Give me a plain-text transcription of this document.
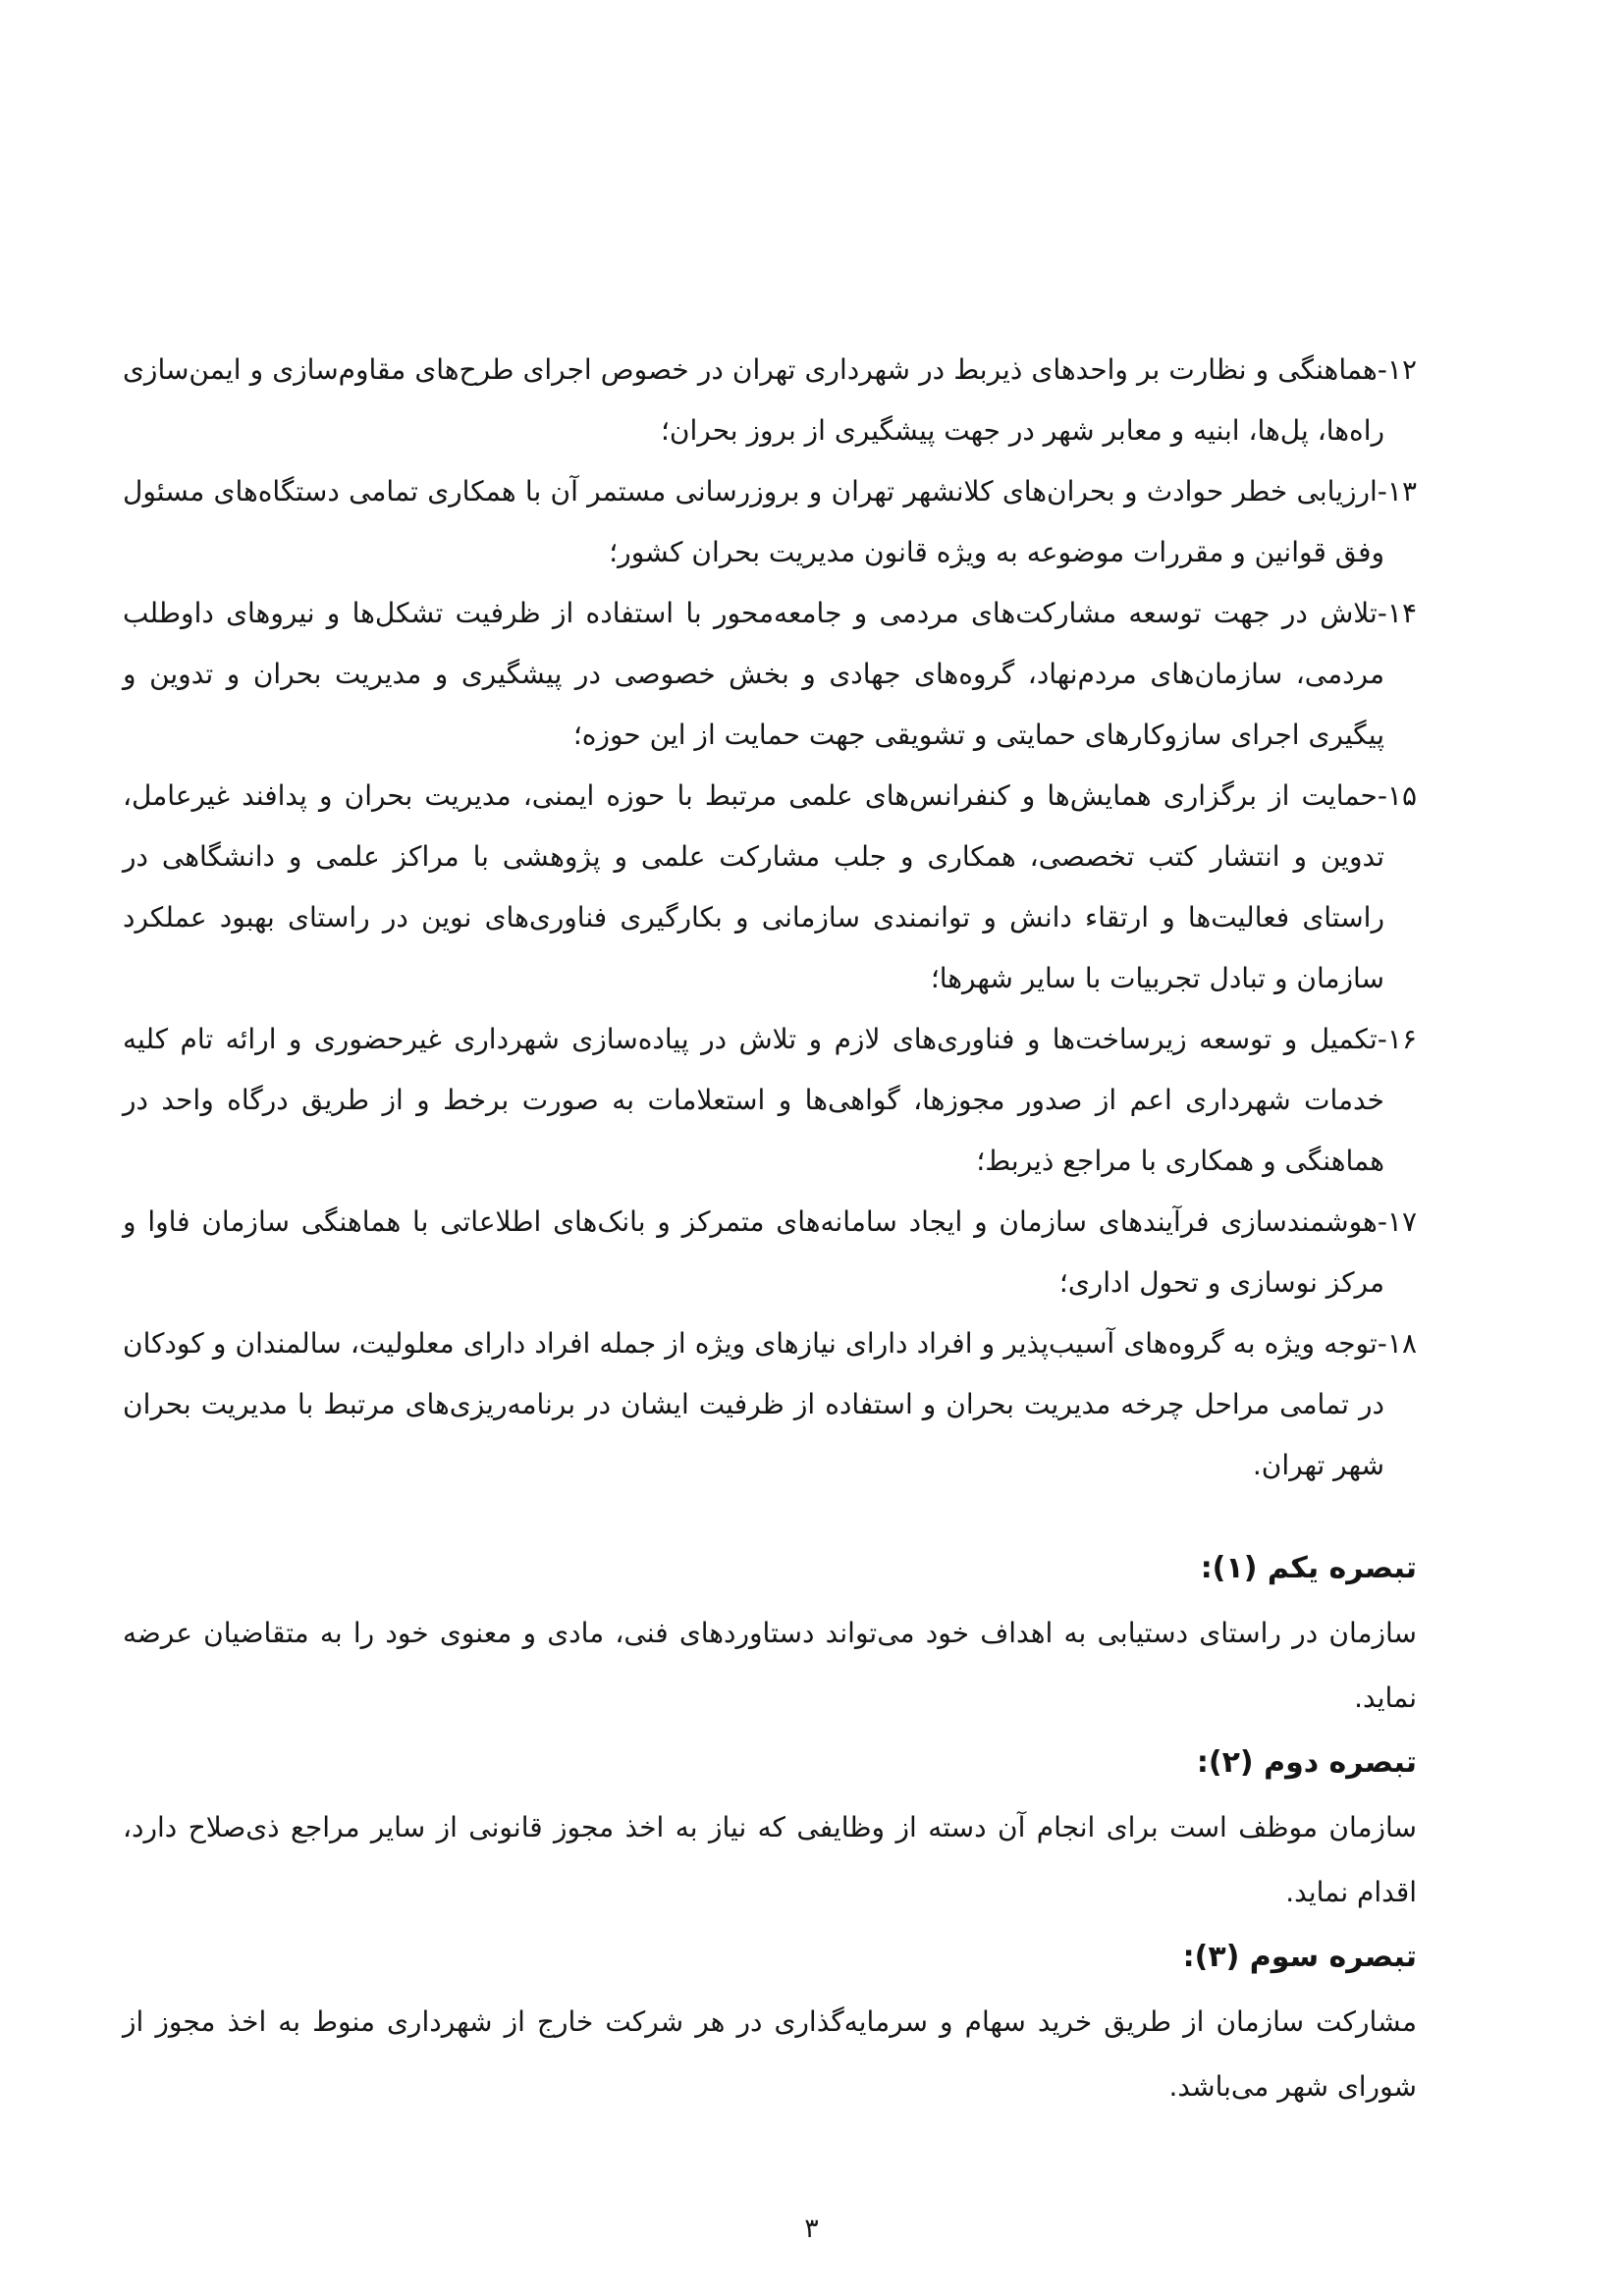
۱۲-هماهنگی و نظارت بر واحدهای ذیربط در شهرداری تهران در خصوص اجرای طرح‌های مقاوم‌سازی و ایمن‌سازی راه‌ها، پل‌ها، ابنیه و معابر شهر در جهت پیشگیری از بروز بحران؛

۱۳-ارزیابی خطر حوادث و بحران‌های کلانشهر تهران و بروزرسانی مستمر آن با همکاری تمامی دستگاه‌های مسئول وفق قوانین و مقررات موضوعه به ویژه قانون مدیریت بحران کشور؛

۱۴-تلاش در جهت توسعه مشارکت‌های مردمی و جامعه‌محور با استفاده از ظرفیت تشکل‌ها و نیروهای داوطلب مردمی، سازمان‌های مردم‌نهاد، گروه‌های جهادی و بخش خصوصی در پیشگیری و مدیریت بحران و تدوین و پیگیری اجرای سازوکارهای حمایتی و تشویقی جهت حمایت از این حوزه؛

۱۵-حمایت از برگزاری همایش‌ها و کنفرانس‌های علمی مرتبط با حوزه ایمنی، مدیریت بحران و پدافند غیرعامل، تدوین و انتشار کتب تخصصی، همکاری و جلب مشارکت علمی و پژوهشی با مراکز علمی و دانشگاهی در راستای فعالیت‌ها و ارتقاء دانش و توانمندی سازمانی و بکارگیری فناوری‌های نوین در راستای بهبود عملکرد سازمان و تبادل تجربیات با سایر شهرها؛

۱۶-تکمیل و توسعه زیرساخت‌ها و فناوری‌های لازم و تلاش در پیاده‌سازی شهرداری غیرحضوری و ارائه تام کلیه خدمات شهرداری اعم از صدور مجوزها، گواهی‌ها و استعلامات به صورت برخط و از طریق درگاه واحد در هماهنگی و همکاری با مراجع ذیربط؛

۱۷-هوشمندسازی فرآیندهای سازمان و ایجاد سامانه‌های متمرکز و بانک‌های اطلاعاتی با هماهنگی سازمان فاوا و مرکز نوسازی و تحول اداری؛

۱۸-توجه ویژه به گروه‌های آسیب‌پذیر و افراد دارای نیازهای ویژه از جمله افراد دارای معلولیت، سالمندان و کودکان در تمامی مراحل چرخه مدیریت بحران و استفاده از ظرفیت ایشان در برنامه‌ریزی‌های مرتبط با مدیریت بحران شهر تهران.

تبصره یکم (۱):

سازمان در راستای دستیابی به اهداف خود می‌تواند دستاوردهای فنی، مادی و معنوی خود را به متقاضیان عرضه نماید.

تبصره دوم (۲):

سازمان موظف است برای انجام آن دسته از وظایفی که نیاز به اخذ مجوز قانونی از سایر مراجع ذی‌صلاح دارد، اقدام نماید.

تبصره سوم (۳):

مشارکت سازمان از طریق خرید سهام و سرمایه‌گذاری در هر شرکت خارج از شهرداری منوط به اخذ مجوز از شورای شهر می‌باشد.

۳
